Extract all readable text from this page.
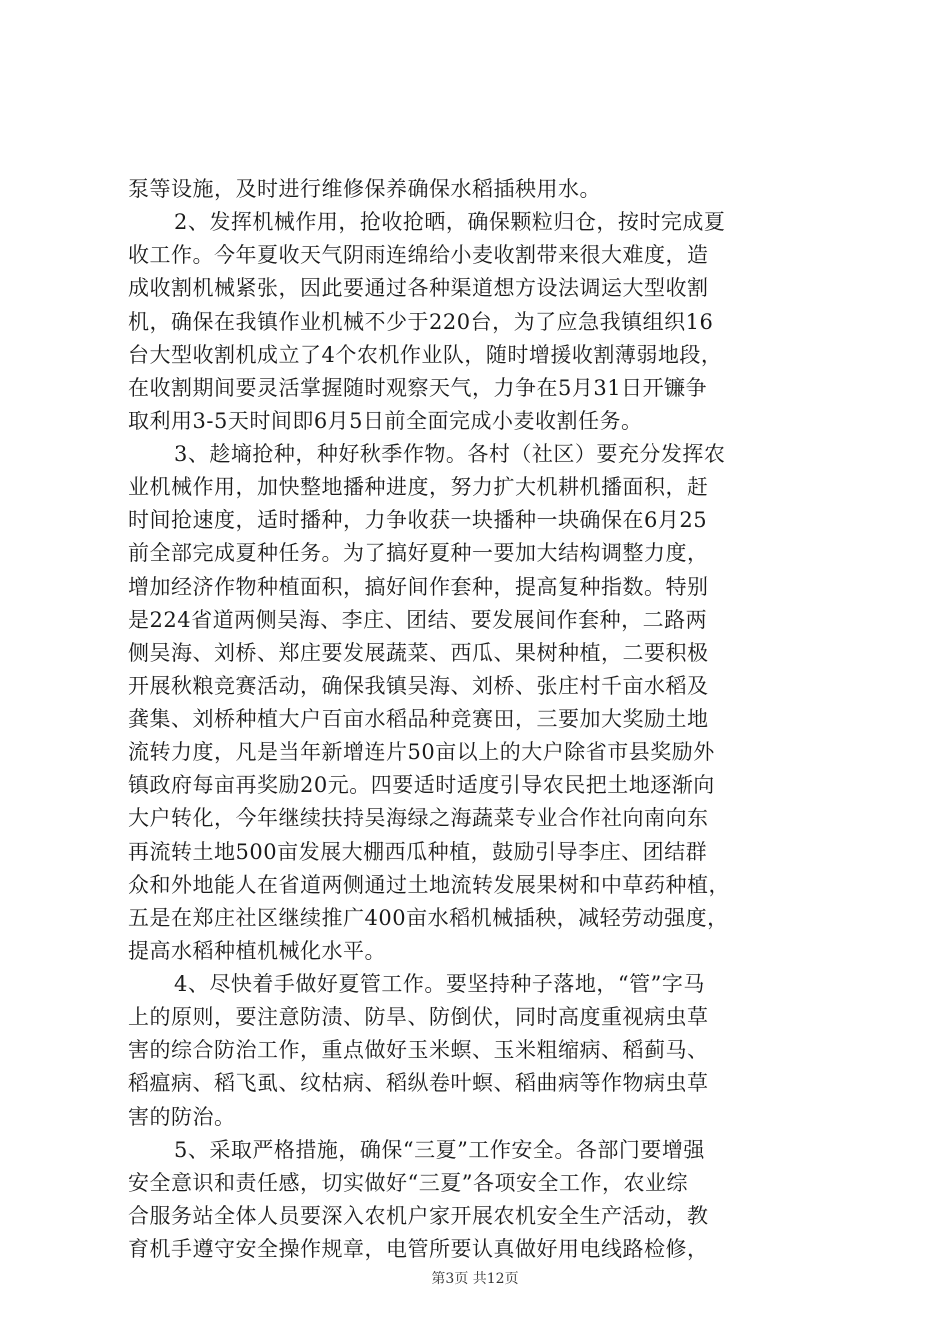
泵等设施，及时进行维修保养确保水稻插秧用水。
2、发挥机械作用，抢收抢晒，确保颗粒归仓，按时完成夏
收工作。今年夏收天气阴雨连绵给小麦收割带来很大难度，造
成收割机械紧张，因此要通过各种渠道想方设法调运大型收割
机，确保在我镇作业机械不少于220台，为了应急我镇组织16
台大型收割机成立了4个农机作业队，随时增援收割薄弱地段，
在收割期间要灵活掌握随时观察天气，力争在5月31日开镰争
取利用3-5天时间即6月5日前全面完成小麦收割任务。
3、趁墒抢种，种好秋季作物。各村（社区）要充分发挥农
业机械作用，加快整地播种进度，努力扩大机耕机播面积，赶
时间抢速度，适时播种，力争收获一块播种一块确保在6月25
前全部完成夏种任务。为了搞好夏种一要加大结构调整力度，
增加经济作物种植面积，搞好间作套种，提高复种指数。特别
是224省道两侧吴海、李庄、团结、要发展间作套种，二路两
侧吴海、刘桥、郑庄要发展蔬菜、西瓜、果树种植，二要积极
开展秋粮竞赛活动，确保我镇吴海、刘桥、张庄村千亩水稻及
龚集、刘桥种植大户百亩水稻品种竞赛田，三要加大奖励土地
流转力度，凡是当年新增连片50亩以上的大户除省市县奖励外
镇政府每亩再奖励20元。四要适时适度引导农民把土地逐渐向
大户转化，今年继续扶持吴海绿之海蔬菜专业合作社向南向东
再流转土地500亩发展大棚西瓜种植，鼓励引导李庄、团结群
众和外地能人在省道两侧通过土地流转发展果树和中草药种植，
五是在郑庄社区继续推广400亩水稻机械插秧，减轻劳动强度，
提高水稻种植机械化水平。
4、尽快着手做好夏管工作。要坚持种子落地，“管”字马
上的原则，要注意防渍、防旱、防倒伏，同时高度重视病虫草
害的综合防治工作，重点做好玉米螟、玉米粗缩病、稻蓟马、
稻瘟病、稻飞虱、纹枯病、稻纵卷叶螟、稻曲病等作物病虫草
害的防治。
5、采取严格措施，确保“三夏”工作安全。各部门要增强
安全意识和责任感，切实做好“三夏”各项安全工作，农业综
合服务站全体人员要深入农机户家开展农机安全生产活动，教
第3页 共12页
育机手遵守安全操作规章，电管所要认真做好用电线路检修，
